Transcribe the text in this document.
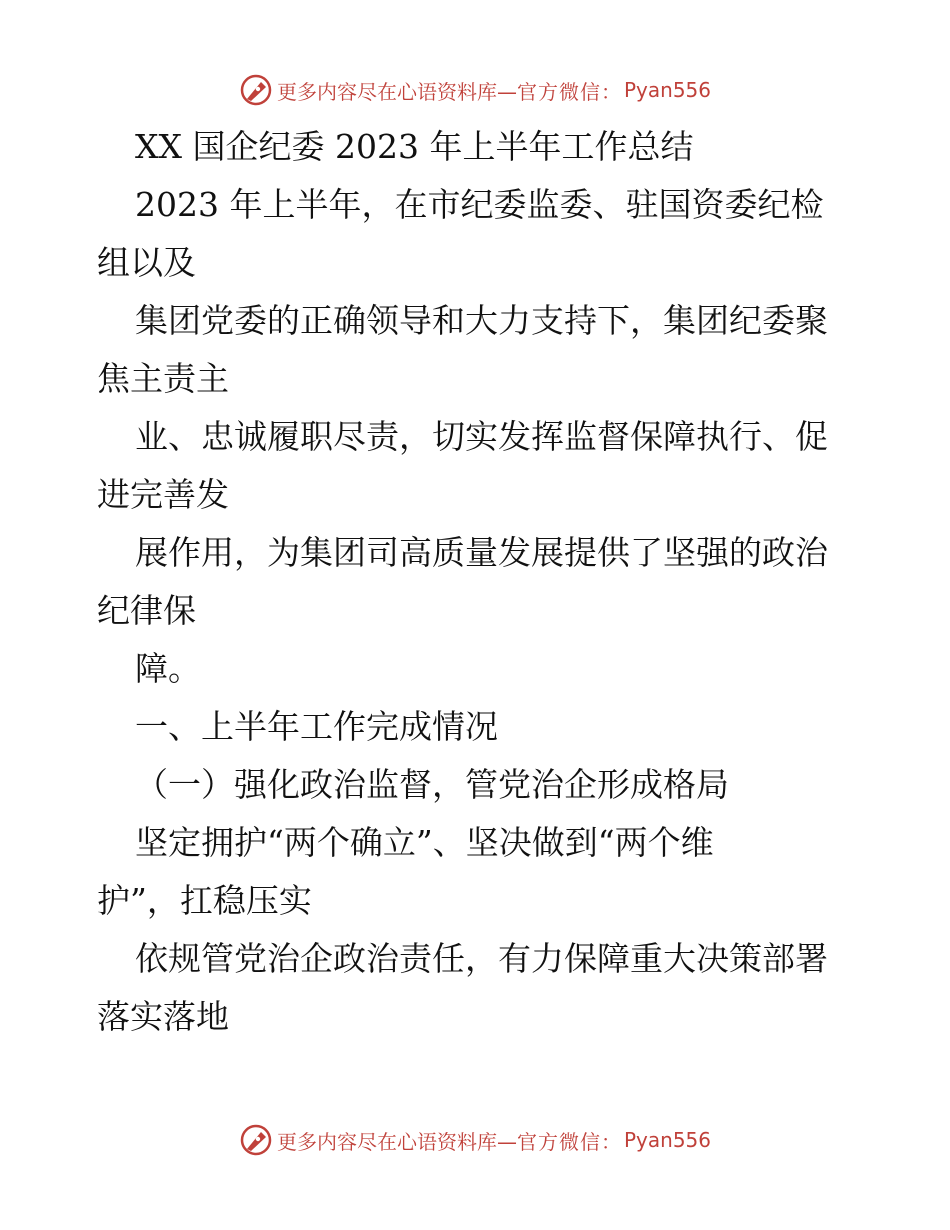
更多内容尽在心语资料库— 官方微信： Pyan556

XX 国企纪委 2023 年上半年工作总结

2023 年上半年，在市纪委监委、驻国资委纪检

组以及

集团党委的正确领导和大力支持下，集团纪委聚

焦主责主

业、忠诚履职尽责，切实发挥监督保障执行、促

进完善发

展作用，为集团司高质量发展提供了坚强的政治

纪律保

障。

一、上半年工作完成情况

（一）强化政治监督，管党治企形成格局

坚定拥护“两个确立”、坚决做到“两个维

护”，扛稳压实

依规管党治企政治责任，有力保障重大决策部署

落实落地

更多内容尽在心语资料库— 官方微信： Pyan556
